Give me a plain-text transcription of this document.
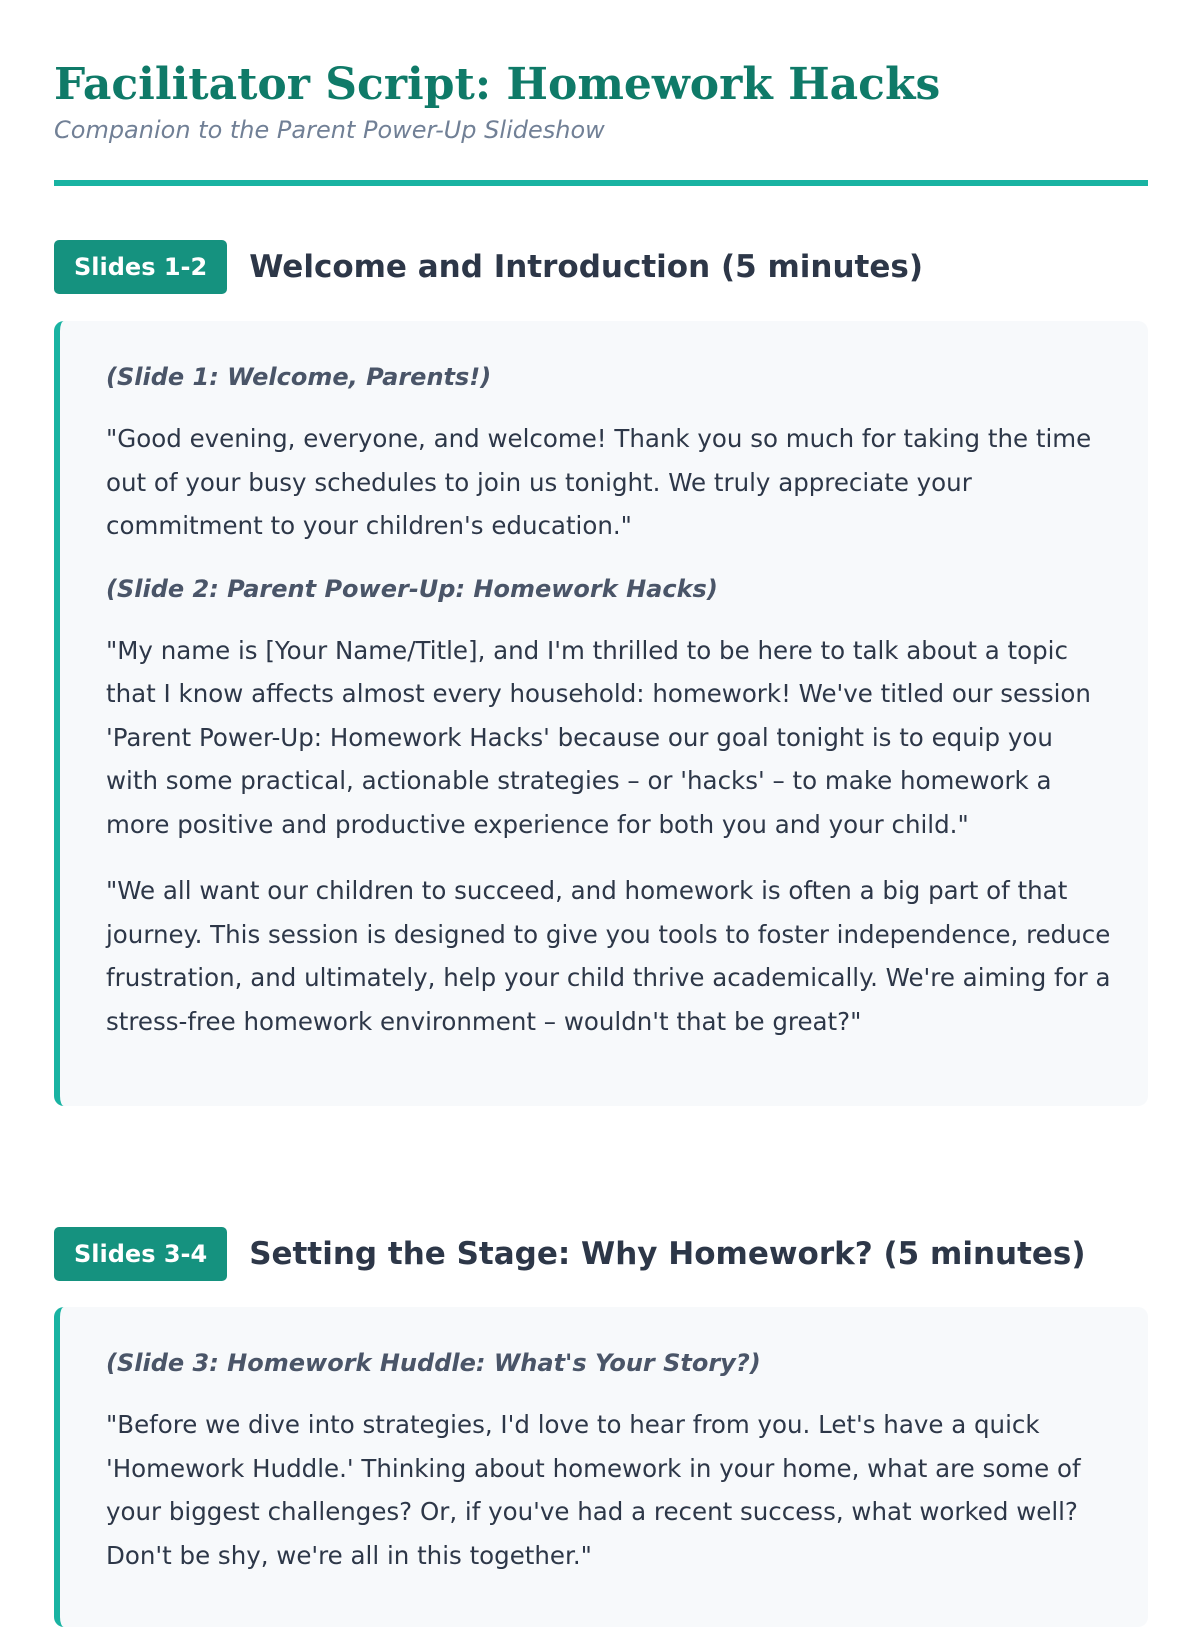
Facilitator Script: Homework Hacks

Companion to the Parent Power-Up Slideshow

Slides 1-2	Welcome and Introduction (5 minutes)

(Slide 1: Welcome, Parents!)

"Good evening, everyone, and welcome! Thank you so much for taking the time out of your busy schedules to join us tonight. We truly appreciate your commitment to your children's education."

(Slide 2: Parent Power-Up: Homework Hacks)

"My name is [Your Name/Title], and I'm thrilled to be here to talk about a topic that I know affects almost every household: homework! We've titled our session 'Parent Power-Up: Homework Hacks' because our goal tonight is to equip you with some practical, actionable strategies – or 'hacks' – to make homework a more positive and productive experience for both you and your child."

"We all want our children to succeed, and homework is often a big part of that journey. This session is designed to give you tools to foster independence, reduce frustration, and ultimately, help your child thrive academically. We're aiming for a stress-free homework environment – wouldn't that be great?"

Slides 3-4	Setting the Stage: Why Homework? (5 minutes)

(Slide 3: Homework Huddle: What's Your Story?)

"Before we dive into strategies, I'd love to hear from you. Let's have a quick 'Homework Huddle.' Thinking about homework in your home, what are some of your biggest challenges? Or, if you've had a recent success, what worked well? Don't be shy, we're all in this together."
